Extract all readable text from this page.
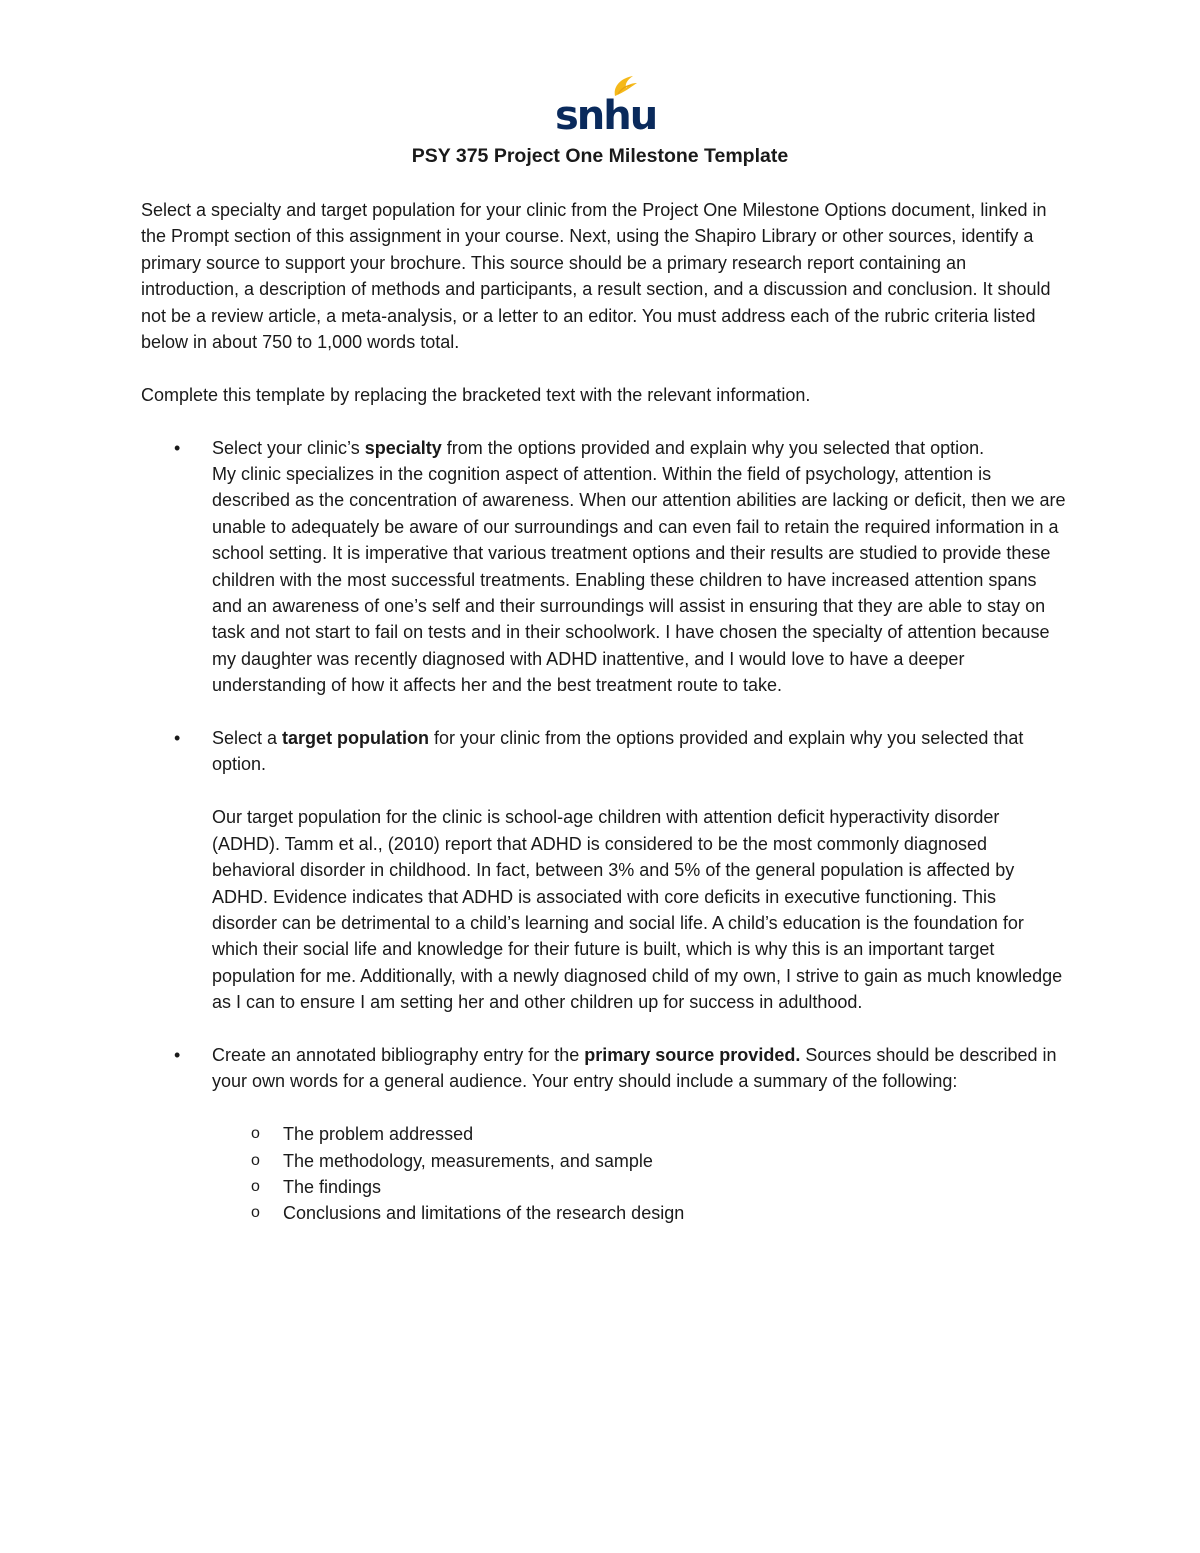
snhu
PSY 375 Project One Milestone Template

Select a specialty and target population for your clinic from the Project One Milestone Options document, linked in the Prompt section of this assignment in your course. Next, using the Shapiro Library or other sources, identify a primary source to support your brochure. This source should be a primary research report containing an introduction, a description of methods and participants, a result section, and a discussion and conclusion. It should not be a review article, a meta-analysis, or a letter to an editor. You must address each of the rubric criteria listed below in about 750 to 1,000 words total.

Complete this template by replacing the bracketed text with the relevant information.

• Select your clinic’s specialty from the options provided and explain why you selected that option.

My clinic specializes in the cognition aspect of attention. Within the field of psychology, attention is described as the concentration of awareness. When our attention abilities are lacking or deficit, then we are unable to adequately be aware of our surroundings and can even fail to retain the required information in a school setting. It is imperative that various treatment options and their results are studied to provide these children with the most successful treatments. Enabling these children to have increased attention spans and an awareness of one’s self and their surroundings will assist in ensuring that they are able to stay on task and not start to fail on tests and in their schoolwork. I have chosen the specialty of attention because my daughter was recently diagnosed with ADHD inattentive, and I would love to have a deeper understanding of how it affects her and the best treatment route to take.

• Select a target population for your clinic from the options provided and explain why you selected that option.

Our target population for the clinic is school-age children with attention deficit hyperactivity disorder (ADHD). Tamm et al., (2010) report that ADHD is considered to be the most commonly diagnosed behavioral disorder in childhood. In fact, between 3% and 5% of the general population is affected by ADHD. Evidence indicates that ADHD is associated with core deficits in executive functioning. This disorder can be detrimental to a child’s learning and social life. A child’s education is the foundation for which their social life and knowledge for their future is built, which is why this is an important target population for me. Additionally, with a newly diagnosed child of my own, I strive to gain as much knowledge as I can to ensure I am setting her and other children up for success in adulthood.

• Create an annotated bibliography entry for the primary source provided. Sources should be described in your own words for a general audience. Your entry should include a summary of the following:

o The problem addressed
o The methodology, measurements, and sample
o The findings
o Conclusions and limitations of the research design
